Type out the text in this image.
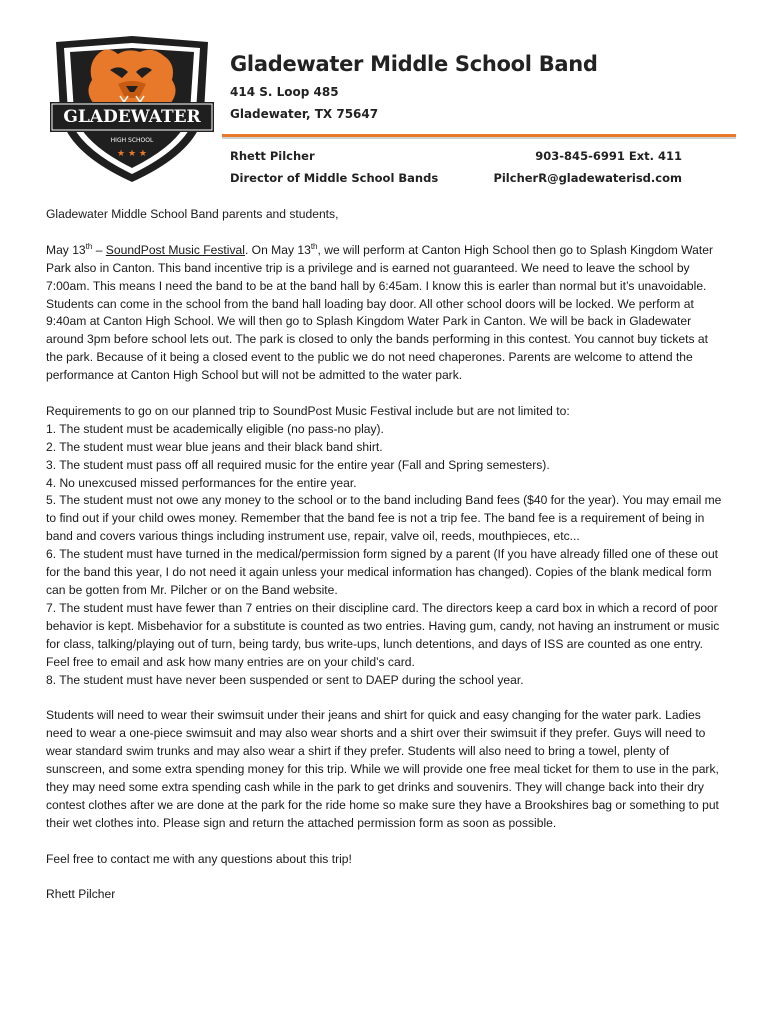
GLADEWATER
HIGH SCHOOL
★ ★ ★
Gladewater Middle School Band
414 S. Loop 485
Gladewater, TX 75647
Rhett Pilcher
Director of Middle School Bands
903-845-6991 Ext. 411
PilcherR@gladewaterisd.com

Gladewater Middle School Band parents and students,

May 13th – SoundPost Music Festival. On May 13th, we will perform at Canton High School then go to Splash Kingdom Water Park also in Canton. This band incentive trip is a privilege and is earned not guaranteed. We need to leave the school by 7:00am. This means I need the band to be at the band hall by 6:45am. I know this is earler than normal but it’s unavoidable. Students can come in the school from the band hall loading bay door. All other school doors will be locked. We perform at 9:40am at Canton High School. We will then go to Splash Kingdom Water Park in Canton. We will be back in Gladewater around 3pm before school lets out. The park is closed to only the bands performing in this contest. You cannot buy tickets at the park. Because of it being a closed event to the public we do not need chaperones. Parents are welcome to attend the performance at Canton High School but will not be admitted to the water park.

Requirements to go on our planned trip to SoundPost Music Festival include but are not limited to:

1. The student must be academically eligible (no pass-no play).

2. The student must wear blue jeans and their black band shirt.

3. The student must pass off all required music for the entire year (Fall and Spring semesters).

4. No unexcused missed performances for the entire year.

5. The student must not owe any money to the school or to the band including Band fees ($40 for the year). You may email me to find out if your child owes money. Remember that the band fee is not a trip fee. The band fee is a requirement of being in band and covers various things including instrument use, repair, valve oil, reeds, mouthpieces, etc...

6. The student must have turned in the medical/permission form signed by a parent (If you have already filled one of these out for the band this year, I do not need it again unless your medical information has changed). Copies of the blank medical form can be gotten from Mr. Pilcher or on the Band website.

7. The student must have fewer than 7 entries on their discipline card. The directors keep a card box in which a record of poor behavior is kept. Misbehavior for a substitute is counted as two entries. Having gum, candy, not having an instrument or music for class, talking/playing out of turn, being tardy, bus write-ups, lunch detentions, and days of ISS are counted as one entry. Feel free to email and ask how many entries are on your child’s card.

8. The student must have never been suspended or sent to DAEP during the school year.

Students will need to wear their swimsuit under their jeans and shirt for quick and easy changing for the water park. Ladies need to wear a one-piece swimsuit and may also wear shorts and a shirt over their swimsuit if they prefer. Guys will need to wear standard swim trunks and may also wear a shirt if they prefer. Students will also need to bring a towel, plenty of sunscreen, and some extra spending money for this trip. While we will provide one free meal ticket for them to use in the park, they may need some extra spending cash while in the park to get drinks and souvenirs. They will change back into their dry contest clothes after we are done at the park for the ride home so make sure they have a Brookshires bag or something to put their wet clothes into. Please sign and return the attached permission form as soon as possible.

Feel free to contact me with any questions about this trip!

Rhett Pilcher
